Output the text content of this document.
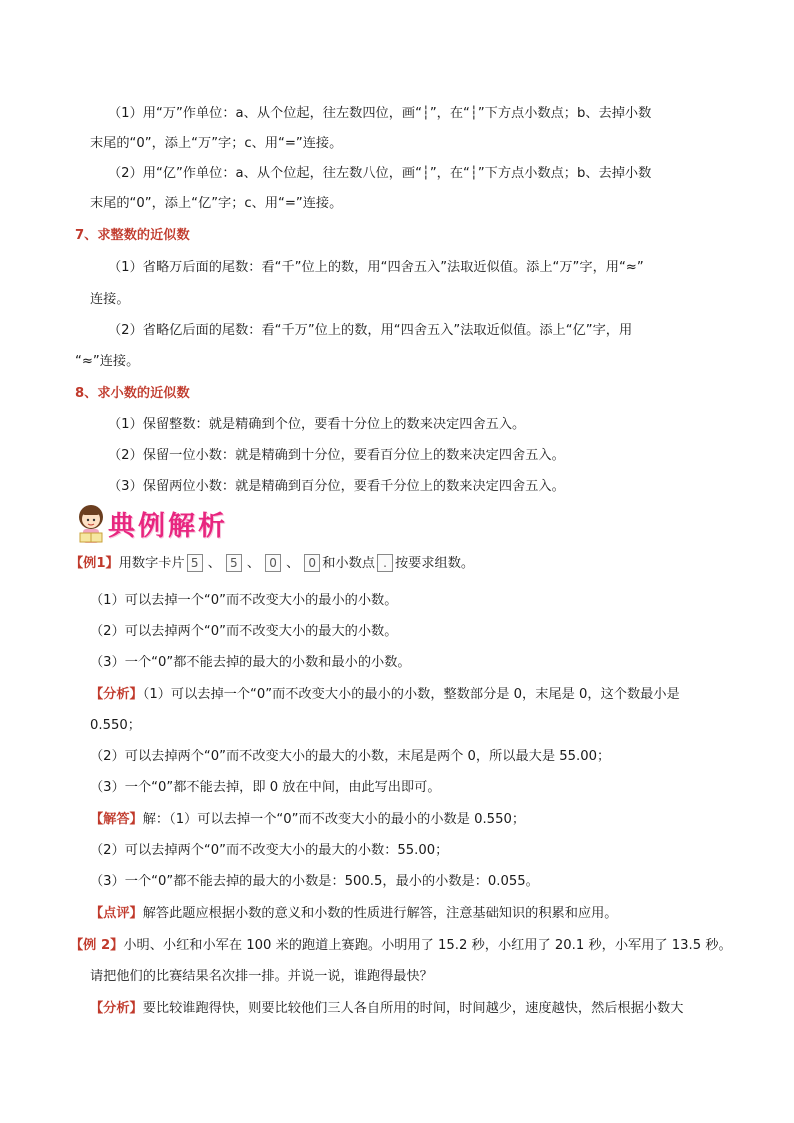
（1）用“万”作单位：a、从个位起，往左数四位，画“┆”，在“┆”下方点小数点；b、去掉小数
末尾的“0”，添上“万”字；c、用“=”连接。
（2）用“亿”作单位：a、从个位起，往左数八位，画“┆”，在“┆”下方点小数点；b、去掉小数
末尾的“0”，添上“亿”字；c、用“=”连接。
7、求整数的近似数
（1）省略万后面的尾数：看“千”位上的数，用“四舍五入”法取近似值。添上“万”字，用“≈”
连接。
（2）省略亿后面的尾数：看“千万”位上的数，用“四舍五入”法取近似值。添上“亿”字，用
“≈”连接。
8、求小数的近似数
（1）保留整数：就是精确到个位，要看十分位上的数来决定四舍五入。
（2）保留一位小数：就是精确到十分位，要看百分位上的数来决定四舍五入。
（3）保留两位小数：就是精确到百分位，要看千分位上的数来决定四舍五入。
典例解析
【例1】用数字卡片 5 、 5 、 0 、 0 和小数点 . 按要求组数。
（1）可以去掉一个“0”而不改变大小的最小的小数。
（2）可以去掉两个“0”而不改变大小的最大的小数。
（3）一个“0”都不能去掉的最大的小数和最小的小数。
【分析】（1）可以去掉一个“0”而不改变大小的最小的小数，整数部分是 0，末尾是 0，这个数最小是
0.550；
（2）可以去掉两个“0”而不改变大小的最大的小数，末尾是两个 0，所以最大是 55.00；
（3）一个“0”都不能去掉，即 0 放在中间，由此写出即可。
【解答】解：（1）可以去掉一个“0”而不改变大小的最小的小数是 0.550；
（2）可以去掉两个“0”而不改变大小的最大的小数：55.00；
（3）一个“0”都不能去掉的最大的小数是：500.5，最小的小数是：0.055。
【点评】解答此题应根据小数的意义和小数的性质进行解答，注意基础知识的积累和应用。
【例 2】小明、小红和小军在 100 米的跑道上赛跑。小明用了 15.2 秒，小红用了 20.1 秒，小军用了 13.5 秒。
请把他们的比赛结果名次排一排。并说一说，谁跑得最快？
【分析】要比较谁跑得快，则要比较他们三人各自所用的时间，时间越少，速度越快，然后根据小数大
